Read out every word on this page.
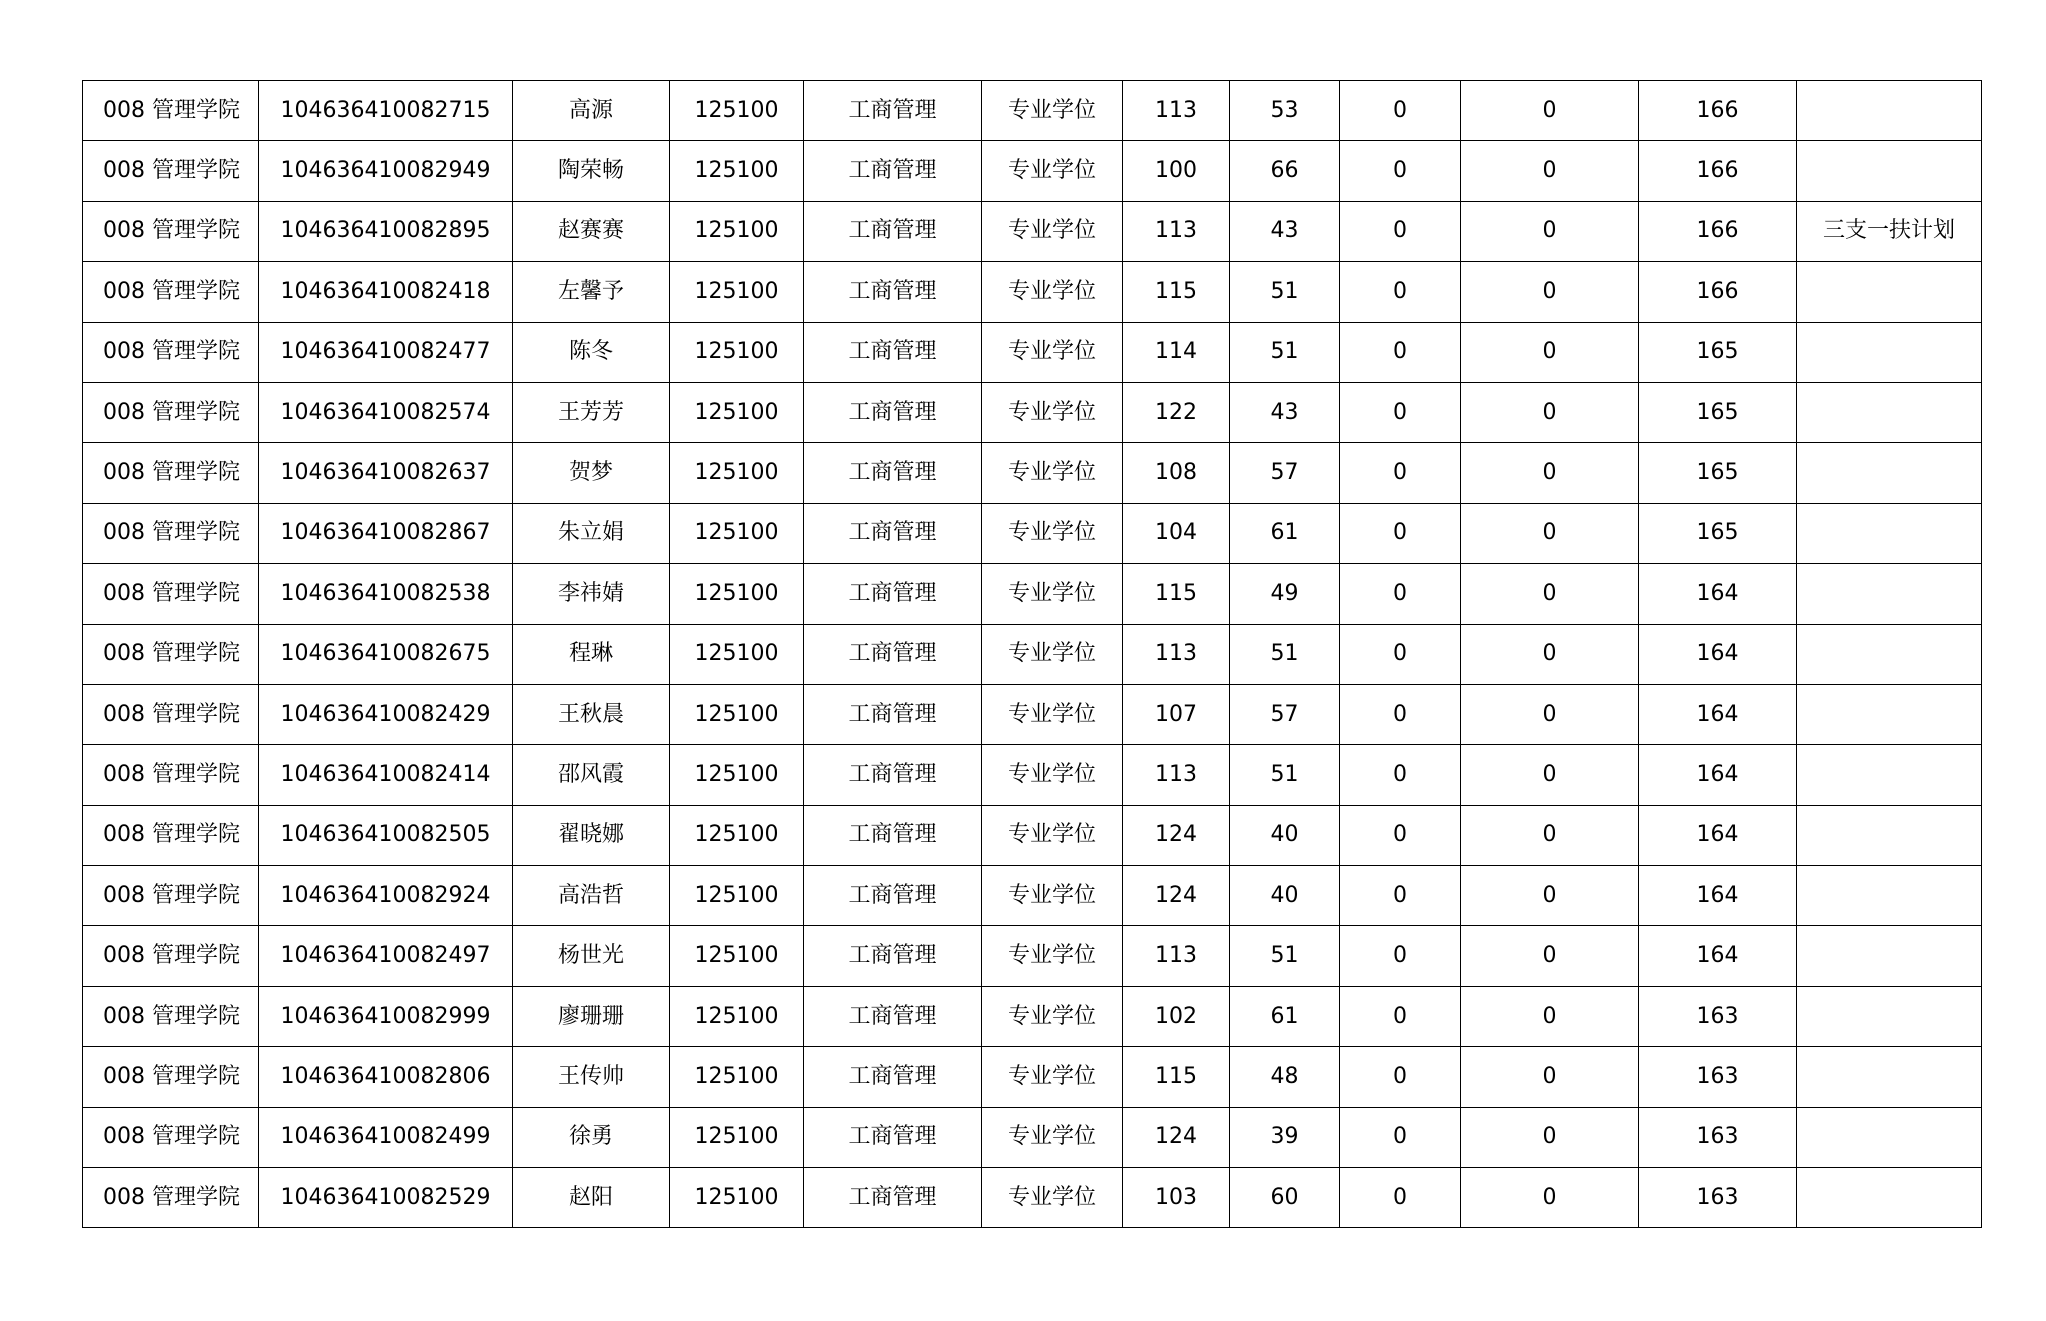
008 管理学院	104636410082715	高源	125100	工商管理	专业学位	113	53	0	0	166	
008 管理学院	104636410082949	陶荣畅	125100	工商管理	专业学位	100	66	0	0	166	
008 管理学院	104636410082895	赵赛赛	125100	工商管理	专业学位	113	43	0	0	166	三支一扶计划
008 管理学院	104636410082418	左馨予	125100	工商管理	专业学位	115	51	0	0	166	
008 管理学院	104636410082477	陈冬	125100	工商管理	专业学位	114	51	0	0	165	
008 管理学院	104636410082574	王芳芳	125100	工商管理	专业学位	122	43	0	0	165	
008 管理学院	104636410082637	贺梦	125100	工商管理	专业学位	108	57	0	0	165	
008 管理学院	104636410082867	朱立娟	125100	工商管理	专业学位	104	61	0	0	165	
008 管理学院	104636410082538	李祎婧	125100	工商管理	专业学位	115	49	0	0	164	
008 管理学院	104636410082675	程琳	125100	工商管理	专业学位	113	51	0	0	164	
008 管理学院	104636410082429	王秋晨	125100	工商管理	专业学位	107	57	0	0	164	
008 管理学院	104636410082414	邵风霞	125100	工商管理	专业学位	113	51	0	0	164	
008 管理学院	104636410082505	翟晓娜	125100	工商管理	专业学位	124	40	0	0	164	
008 管理学院	104636410082924	高浩哲	125100	工商管理	专业学位	124	40	0	0	164	
008 管理学院	104636410082497	杨世光	125100	工商管理	专业学位	113	51	0	0	164	
008 管理学院	104636410082999	廖珊珊	125100	工商管理	专业学位	102	61	0	0	163	
008 管理学院	104636410082806	王传帅	125100	工商管理	专业学位	115	48	0	0	163	
008 管理学院	104636410082499	徐勇	125100	工商管理	专业学位	124	39	0	0	163	
008 管理学院	104636410082529	赵阳	125100	工商管理	专业学位	103	60	0	0	163	
